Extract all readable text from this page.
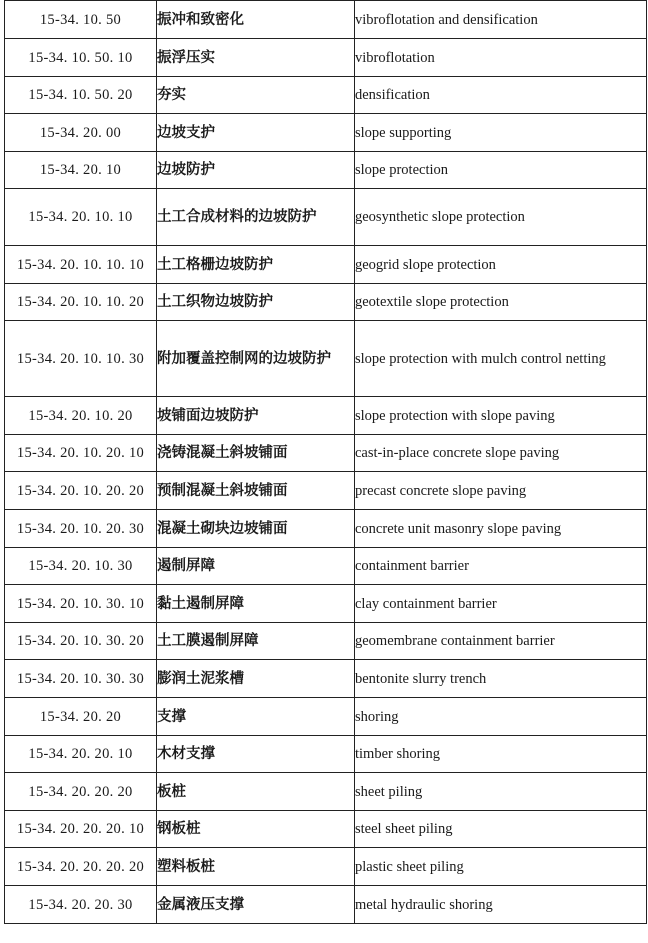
15-34. 10. 50	振冲和致密化	vibroflotation and densification
15-34. 10. 50. 10	振浮压实	vibroflotation
15-34. 10. 50. 20	夯实	densification
15-34. 20. 00	边坡支护	slope supporting
15-34. 20. 10	边坡防护	slope protection
15-34. 20. 10. 10	土工合成材料的边坡防护	geosynthetic slope protection
15-34. 20. 10. 10. 10	土工格栅边坡防护	geogrid slope protection
15-34. 20. 10. 10. 20	土工织物边坡防护	geotextile slope protection
15-34. 20. 10. 10. 30	附加覆盖控制网的边坡防护	slope protection with mulch control netting
15-34. 20. 10. 20	坡铺面边坡防护	slope protection with slope paving
15-34. 20. 10. 20. 10	浇铸混凝土斜坡铺面	cast-in-place concrete slope paving
15-34. 20. 10. 20. 20	预制混凝土斜坡铺面	precast concrete slope paving
15-34. 20. 10. 20. 30	混凝土砌块边坡铺面	concrete unit masonry slope paving
15-34. 20. 10. 30	遏制屏障	containment barrier
15-34. 20. 10. 30. 10	黏土遏制屏障	clay containment barrier
15-34. 20. 10. 30. 20	土工膜遏制屏障	geomembrane containment barrier
15-34. 20. 10. 30. 30	膨润土泥浆槽	bentonite slurry trench
15-34. 20. 20	支撑	shoring
15-34. 20. 20. 10	木材支撑	timber shoring
15-34. 20. 20. 20	板桩	sheet piling
15-34. 20. 20. 20. 10	钢板桩	steel sheet piling
15-34. 20. 20. 20. 20	塑料板桩	plastic sheet piling
15-34. 20. 20. 30	金属液压支撑	metal hydraulic shoring
